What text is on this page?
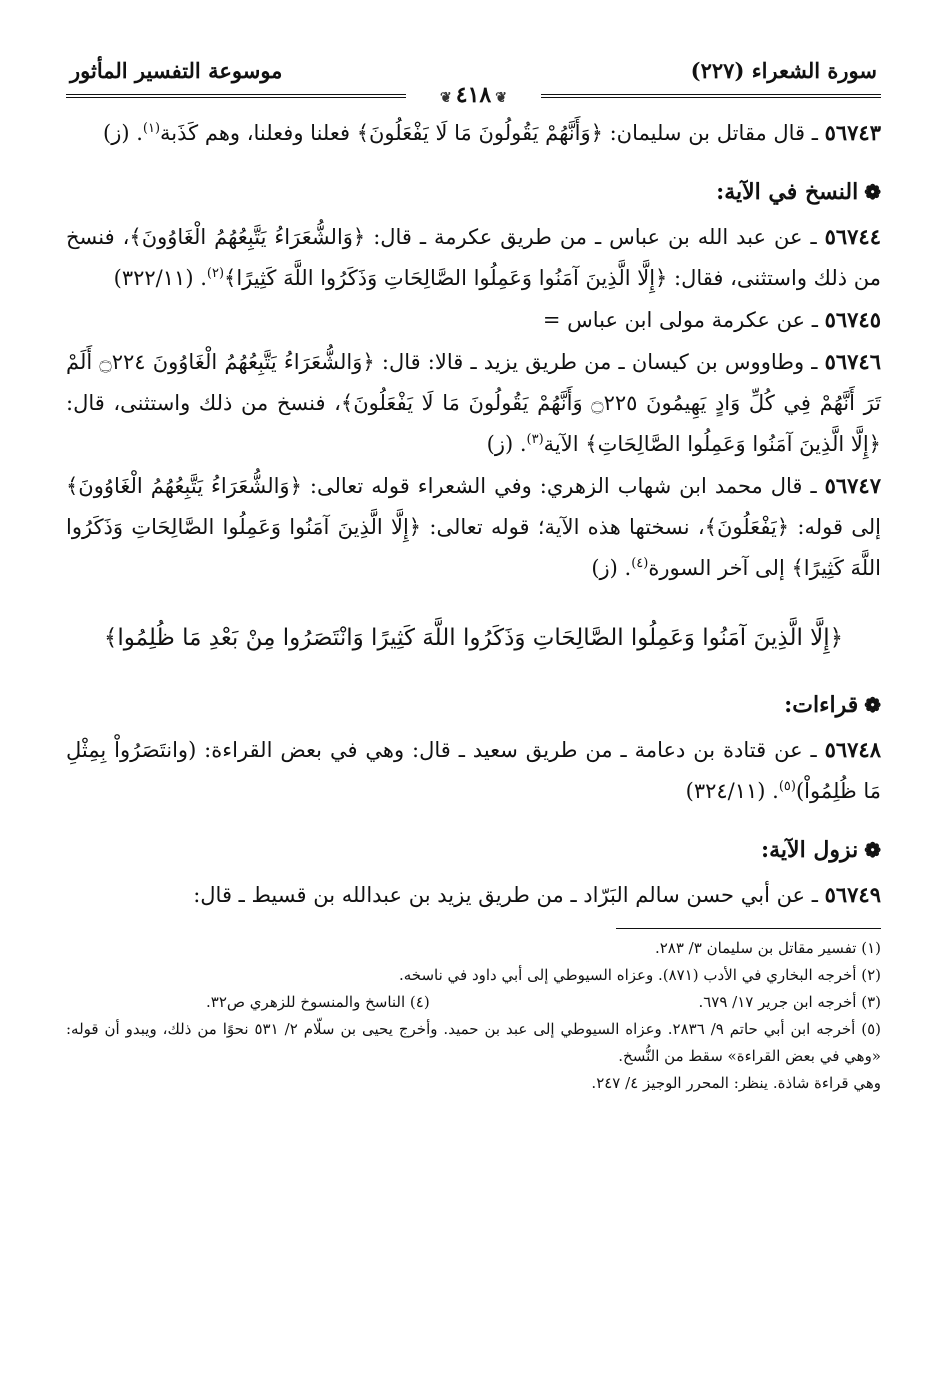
سورة الشعراء (٢٢٧)
موسوعة التفسير المأثور
❦٤١٨❦

٥٦٧٤٣ ـ قال مقاتل بن سليمان: ﴿وَأَنَّهُمْ يَقُولُونَ مَا لَا يَفْعَلُونَ﴾ فعلنا وفعلنا، وهم كَذَبة$^{(١)}$. (ز)

❁النسخ في الآية:

٥٦٧٤٤ ـ عن عبد الله بن عباس ـ من طريق عكرمة ـ قال: ﴿وَالشُّعَرَاءُ يَتَّبِعُهُمُ الْغَاوُونَ﴾، فنسخ من ذلك واستثنى، فقال: ﴿إِلَّا الَّذِينَ آمَنُوا وَعَمِلُوا الصَّالِحَاتِ وَذَكَرُوا اللَّهَ كَثِيرًا﴾$^{(٢)}$. (٣٢٢/١١)

٥٦٧٤٥ ـ عن عكرمة مولى ابن عباس =

٥٦٧٤٦ ـ وطاووس بن كيسان ـ من طريق يزيد ـ قالا: قال: ﴿وَالشُّعَرَاءُ يَتَّبِعُهُمُ الْغَاوُونَ ۝٢٢٤ أَلَمْ تَرَ أَنَّهُمْ فِي كُلِّ وَادٍ يَهِيمُونَ ۝٢٢٥ وَأَنَّهُمْ يَقُولُونَ مَا لَا يَفْعَلُونَ﴾، فنسخ من ذلك واستثنى، قال: ﴿إِلَّا الَّذِينَ آمَنُوا وَعَمِلُوا الصَّالِحَاتِ﴾ الآية$^{(٣)}$. (ز)

٥٦٧٤٧ ـ قال محمد ابن شهاب الزهري: وفي الشعراء قوله تعالى: ﴿وَالشُّعَرَاءُ يَتَّبِعُهُمُ الْغَاوُونَ﴾ إلى قوله: ﴿يَفْعَلُونَ﴾، نسختها هذه الآية؛ قوله تعالى: ﴿إِلَّا الَّذِينَ آمَنُوا وَعَمِلُوا الصَّالِحَاتِ وَذَكَرُوا اللَّهَ كَثِيرًا﴾ إلى آخر السورة$^{(٤)}$. (ز)

﴿إِلَّا الَّذِينَ آمَنُوا وَعَمِلُوا الصَّالِحَاتِ وَذَكَرُوا اللَّهَ كَثِيرًا وَانْتَصَرُوا مِنْ بَعْدِ مَا ظُلِمُوا﴾

❁قراءات:

٥٦٧٤٨ ـ عن قتادة بن دعامة ـ من طريق سعيد ـ قال: وهي في بعض القراءة: (وانتَصَرُواْ بِمِثْلِ مَا ظُلِمُواْ)$^{(٥)}$. (٣٢٤/١١)

❁نزول الآية:

٥٦٧٤٩ ـ عن أبي حسن سالم البَرّاد ـ من طريق يزيد بن عبدالله بن قسيط ـ قال:

(١) تفسير مقاتل بن سليمان ٣/ ٢٨٣.

(٢) أخرجه البخاري في الأدب (٨٧١). وعزاه السيوطي إلى أبي داود في ناسخه.

(٣) أخرجه ابن جرير ١٧/ ٦٧٩.
(٤) الناسخ والمنسوخ للزهري ص٣٢.

(٥) أخرجه ابن أبي حاتم ٩/ ٢٨٣٦. وعزاه السيوطي إلى عبد بن حميد. وأخرج يحيى بن سلّام ٢/ ٥٣١ نحوًا من ذلك، ويبدو أن قوله: «وهي في بعض القراءة» سقط من النُّسخ.

وهي قراءة شاذة. ينظر: المحرر الوجيز ٤/ ٢٤٧.
